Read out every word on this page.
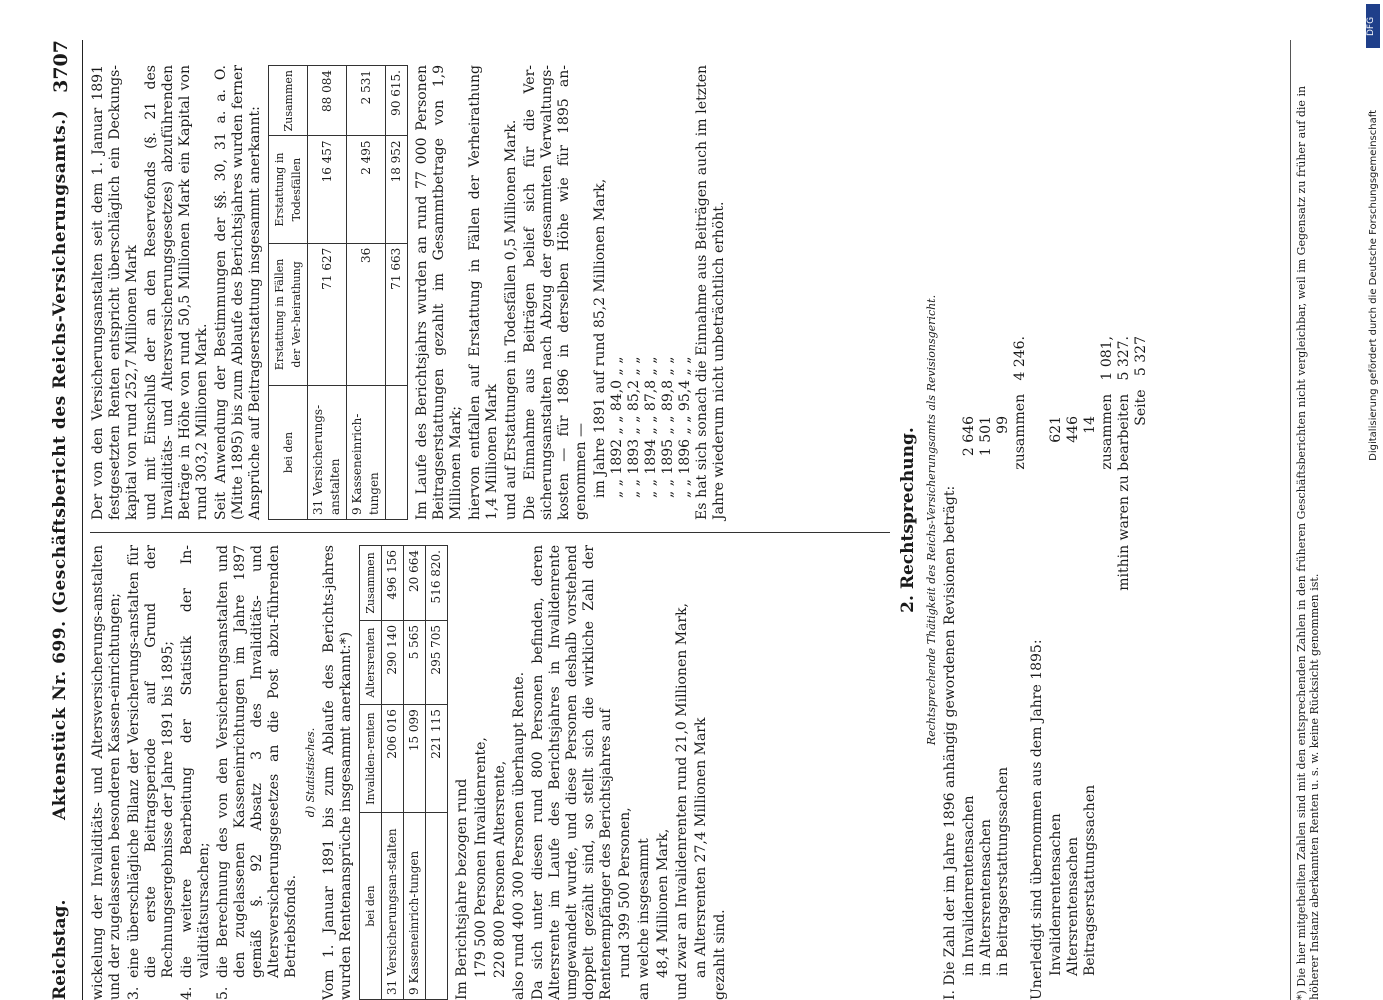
Reichstag.
Aktenstück Nr. 699. (Geschäftsbericht des Reichs-Versicherungsamts.)
3707

wickelung der Invaliditäts- und Altersversicherungs-anstalten und der zugelassenen besonderen Kassen-einrichtungen; 3.eine überschlägliche Bilanz der Versicherungs-anstalten für die erste Beitragsperiode auf Grund der Rechnungsergebnisse der Jahre 1891 bis 1895;

4.die weitere Bearbeitung der Statistik der In-validitätsursachen;

5.die Berechnung des von den Versicherungsanstalten und den zugelassenen Kasseneinrichtungen im Jahre 1897 gemäß §. 92 Absatz 3 des Invaliditäts- und Altersversicherungsgesetzes an die Post abzu-führenden Betriebsfonds.

d) Statistisches. Vom 1. Januar 1891 bis zum Ablaufe des Berichts-jahres wurden Rentenansprüche insgesammt anerkannt:*) bei den	Invaliden-renten	Altersrenten	Zusammen
31 Versicherungsan-stalten	206 016	290 140	496 156
9 Kasseneinrich-tungen	15 099	5 565	20 664
	221 115	295 705	516 820.

Im Berichtsjahre bezogen rund 179 500 Personen Invalidenrente, 220 800 Personen Altersrente, also rund 400 300 Personen überhaupt Rente. Da sich unter diesen rund 800 Personen befinden, deren Altersrente im Laufe des Berichtsjahres in Invalidenrente umgewandelt wurde, und diese Personen deshalb vorstehend doppelt gezählt sind, so stellt sich die wirkliche Zahl der Rentenempfänger des Berichtsjahres auf rund 399 500 Personen, an welche insgesammt 48,4 Millionen Mark, und zwar an Invalidenrenten rund 21,0 Millionen Mark, an Altersrenten 27,4 Millionen Mark gezahlt sind.

Der von den Versicherungsanstalten seit dem 1. Januar 1891 festgesetzten Renten entspricht überschläglich ein Deckungs-kapital von rund 252,7 Millionen Mark und mit Einschluß der an den Reservefonds (§. 21 des Invaliditäts- und Altersversicherungsgesetzes) abzuführenden Beträge in Höhe von rund 50,5 Millionen Mark ein Kapital von rund 303,2 Millionen Mark. Seit Anwendung der Bestimmungen der §§. 30, 31 a. a. O. (Mitte 1895) bis zum Ablaufe des Berichtsjahres wurden ferner Ansprüche auf Beitragserstattung insgesammt anerkannt: bei den	Erstattung in Fällen der Ver-heirathung	Erstattung in Todesfällen	Zusammen
31 Versicherungs-anstalten	71 627	16 457	88 084
9 Kasseneinrich-tungen	36	2 495	2 531
	71 663	18 952	90 615. Im Laufe des Berichtsjahrs wurden an rund 77 000 Personen Beitragserstattungen gezahlt im Gesammtbetrage von 1,9 Millionen Mark; hiervon entfallen auf Erstattung in Fällen der Verheirathung 1,4 Millionen Mark und auf Erstattungen in Todesfällen 0,5 Millionen Mark. Die Einnahme aus Beiträgen belief sich für die Ver-sicherungsanstalten nach Abzug der gesammten Verwaltungs-kosten — für 1896 in derselben Höhe wie für 1895 an-genommen — im Jahre 1891 auf rund 85,2 Millionen Mark,
„ „ 1892 „ „ 84,0 „ „
„ „ 1893 „ „ 85,2 „ „
„ „ 1894 „ „ 87,8 „ „
„ „ 1895 „ „ 89,8 „ „
„ „ 1896 „ „ 95,4 „ „ Es hat sich sonach die Einnahme aus Beiträgen auch im letzten Jahre wiederum nicht unbeträchtlich erhöht.

2. Rechtsprechung. Rechtsprechende Thätigkeit des Reichs-Versicherungsamts als Revisionsgericht. I. Die Zahl der im Jahre 1896 anhängig gewordenen Revisionen beträgt: in Invalidenrentensachen
2 646
in Altersrentensachen
1 501
in Beitragserstattungssachen
99 zusammen   4 246.

Unerledigt sind übernommen aus dem Jahre 1895: Invalidenrentensachen
621
Altersrentensachen
446
Beitragserstattungssachen
14 zusammen   1 081,
mithin waren zu bearbeiten   5 327.
Seite   5 327	*) Die hier mitgetheilten Zahlen sind mit den entsprechenden Zahlen in den früheren Geschäftsberichten nicht vergleichbar, weil im Gegensatz zu früher auf die in höherer Instanz aberkannten Renten u. s. w. keine Rücksicht genommen ist.
DFG
Digitalisierung gefördert durch die Deutsche Forschungsgemeinschaft
